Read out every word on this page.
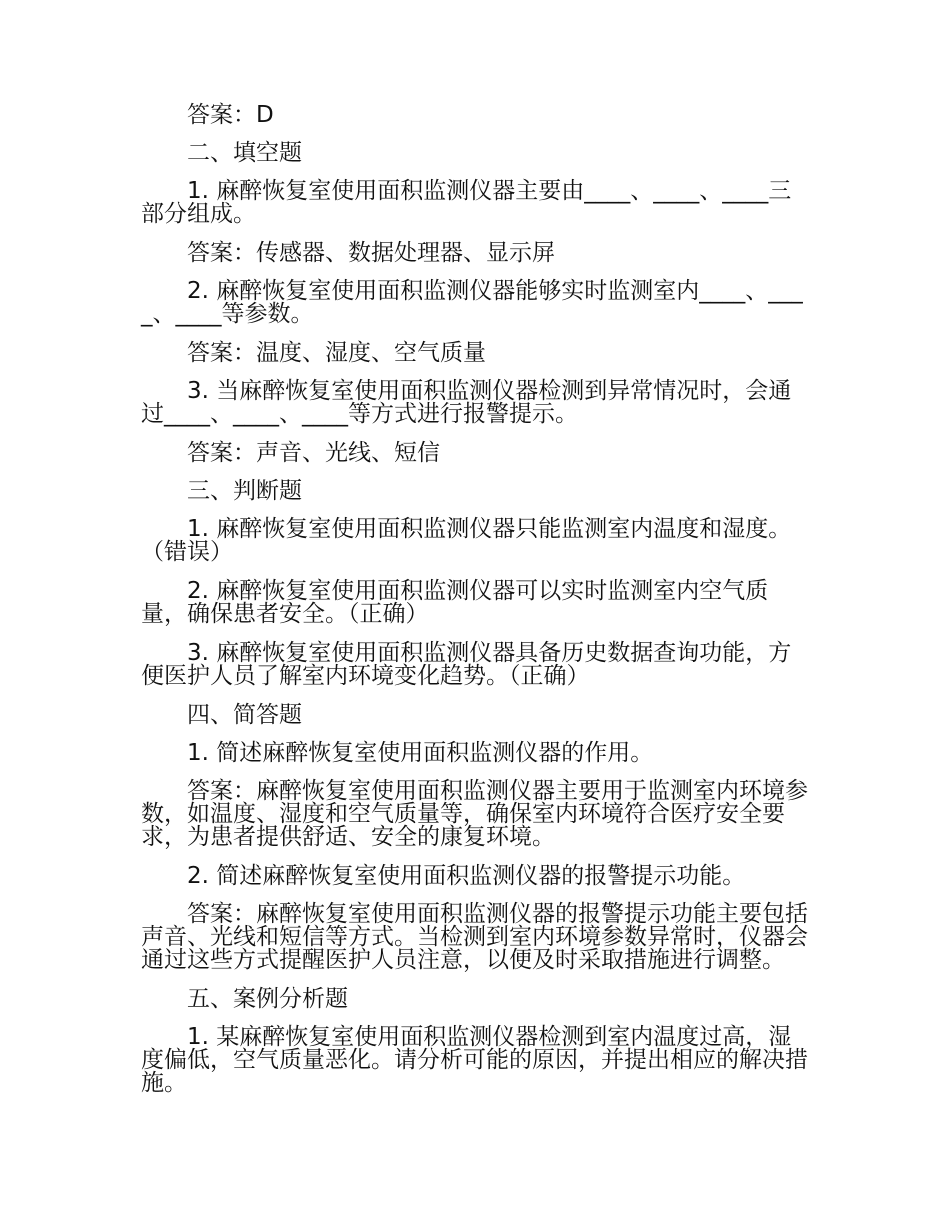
答案：D

二、填空题

1. 麻醉恢复室使用面积监测仪器主要由____、____、____三部分组成。

答案：传感器、数据处理器、显示屏

2. 麻醉恢复室使用面积监测仪器能够实时监测室内____、____、____等参数。

答案：温度、湿度、空气质量

3. 当麻醉恢复室使用面积监测仪器检测到异常情况时，会通过____、____、____等方式进行报警提示。

答案：声音、光线、短信

三、判断题

1. 麻醉恢复室使用面积监测仪器只能监测室内温度和湿度。（错误）

2. 麻醉恢复室使用面积监测仪器可以实时监测室内空气质量，确保患者安全。（正确）

3. 麻醉恢复室使用面积监测仪器具备历史数据查询功能，方便医护人员了解室内环境变化趋势。（正确）

四、简答题

1. 简述麻醉恢复室使用面积监测仪器的作用。

答案：麻醉恢复室使用面积监测仪器主要用于监测室内环境参数，如温度、湿度和空气质量等，确保室内环境符合医疗安全要求，为患者提供舒适、安全的康复环境。

2. 简述麻醉恢复室使用面积监测仪器的报警提示功能。

答案：麻醉恢复室使用面积监测仪器的报警提示功能主要包括声音、光线和短信等方式。当检测到室内环境参数异常时，仪器会通过这些方式提醒医护人员注意，以便及时采取措施进行调整。

五、案例分析题

1. 某麻醉恢复室使用面积监测仪器检测到室内温度过高，湿度偏低，空气质量恶化。请分析可能的原因，并提出相应的解决措施。
